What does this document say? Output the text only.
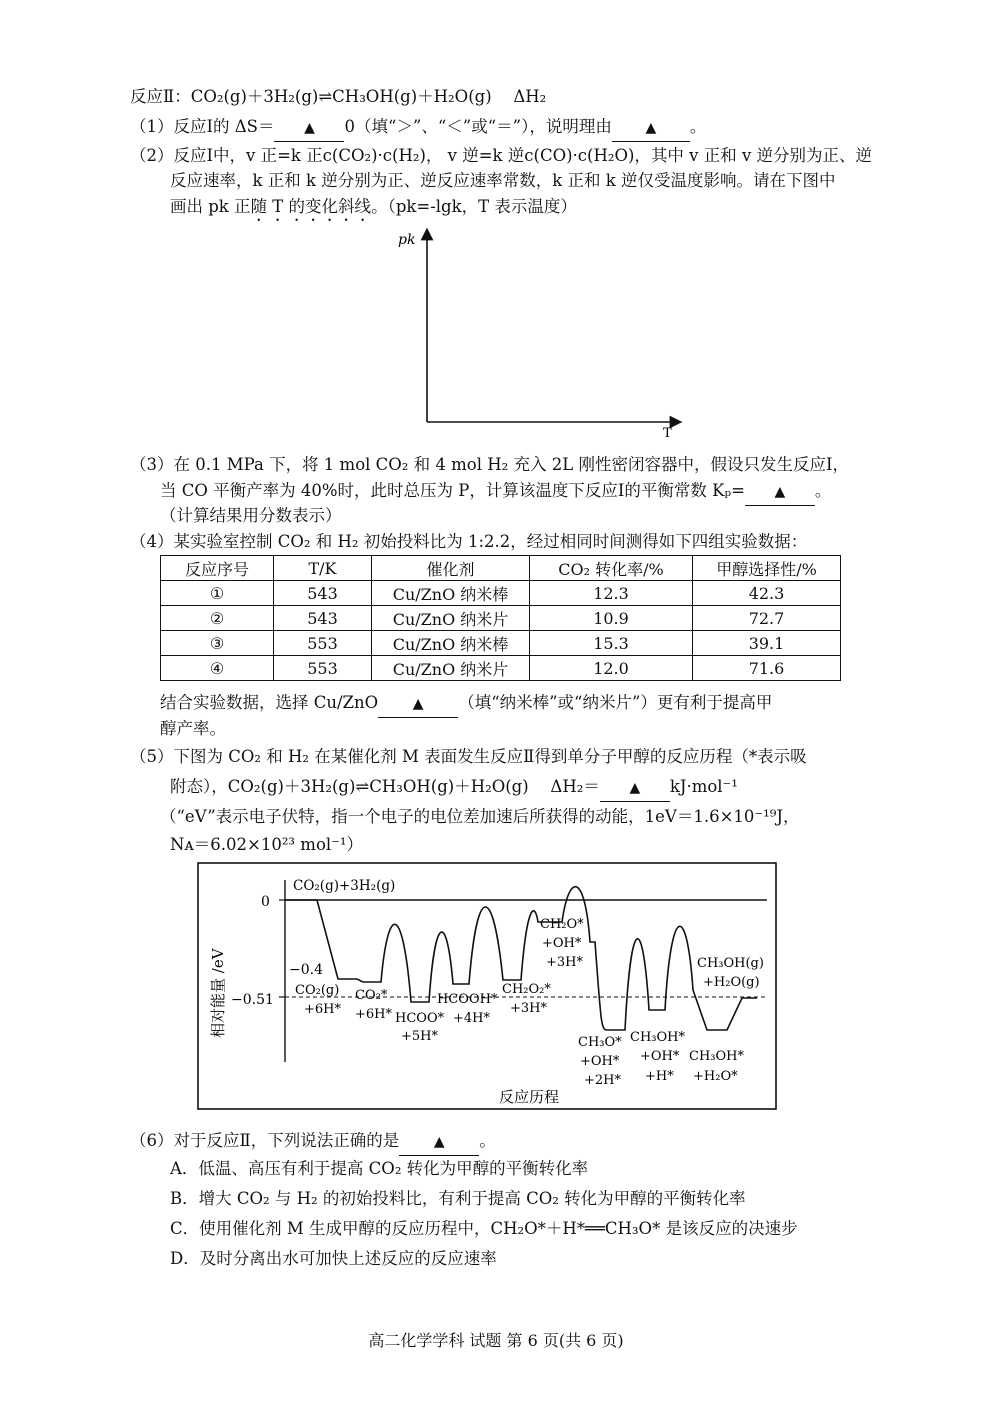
反应Ⅱ：CO₂(g)＋3H₂(g)⇌CH₃OH(g)＋H₂O(g)　 ΔH₂
（1）反应Ⅰ的 ΔS＝ ▲ 0（填“＞”、“＜”或“＝”），说明理由 ▲ 。
（2）反应Ⅰ中，v 正=k 正c(CO₂)·c(H₂)， v 逆=k 逆c(CO)·c(H₂O)，其中 v 正和 v 逆分别为正、逆
反应速率，k 正和 k 逆分别为正、逆反应速率常数，k 正和 k 逆仅受温度影响。请在下图中
画出 pk 正随 T 的变化斜线。（pk=-lgk，T 表示温度）
pk
T
（3）在 0.1 MPa 下，将 1 mol CO₂ 和 4 mol H₂ 充入 2L 刚性密闭容器中，假设只发生反应Ⅰ，
当 CO 平衡产率为 40%时，此时总压为 P，计算该温度下反应Ⅰ的平衡常数 Kₚ= ▲ 。
（计算结果用分数表示）
（4）某实验室控制 CO₂ 和 H₂ 初始投料比为 1:2.2，经过相同时间测得如下四组实验数据：
反应序号	T/K	催化剂	CO₂ 转化率/%	甲醇选择性/%
①	543	Cu/ZnO 纳米棒	12.3	42.3
②	543	Cu/ZnO 纳米片	10.9	72.7
③	553	Cu/ZnO 纳米棒	15.3	39.1
④	553	Cu/ZnO 纳米片	12.0	71.6
结合实验数据，选择 Cu/ZnO ▲ （填“纳米棒”或“纳米片”）更有利于提高甲
醇产率。
（5）下图为 CO₂ 和 H₂ 在某催化剂 M 表面发生反应Ⅱ得到单分子甲醇的反应历程（*表示吸
附态），CO₂(g)＋3H₂(g)⇌CH₃OH(g)＋H₂O(g)　 ΔH₂＝ ▲ kJ·mol⁻¹
（“eV”表示电子伏特，指一个电子的电位差加速后所获得的动能，1eV＝1.6×10⁻¹⁹J，
Nᴀ＝6.02×10²³ mol⁻¹）
0
−0.4
−0.51
相对能量 /eV
反应历程
CO₂(g)+3H₂(g)
CO₂(g)
+6H*
CO₂*
+6H* HCOO*
+5H*
HCOOH*
+4H*
CH₂O₂*
+3H*
CH₂O*
+OH*
+3H*
CH₃O*
+OH*
+2H*
CH₃OH*
+OH*
+H*
CH₃OH*
+H₂O*
CH₃OH(g)
+H₂O(g)
（6）对于反应Ⅱ，下列说法正确的是 ▲ 。
A．低温、高压有利于提高 CO₂ 转化为甲醇的平衡转化率
B．增大 CO₂ 与 H₂ 的初始投料比，有利于提高 CO₂ 转化为甲醇的平衡转化率
C．使用催化剂 M 生成甲醇的反应历程中，CH₂O*＋H*══CH₃O* 是该反应的决速步
D．及时分离出水可加快上述反应的反应速率
高二化学学科 试题 第 6 页(共 6 页)
